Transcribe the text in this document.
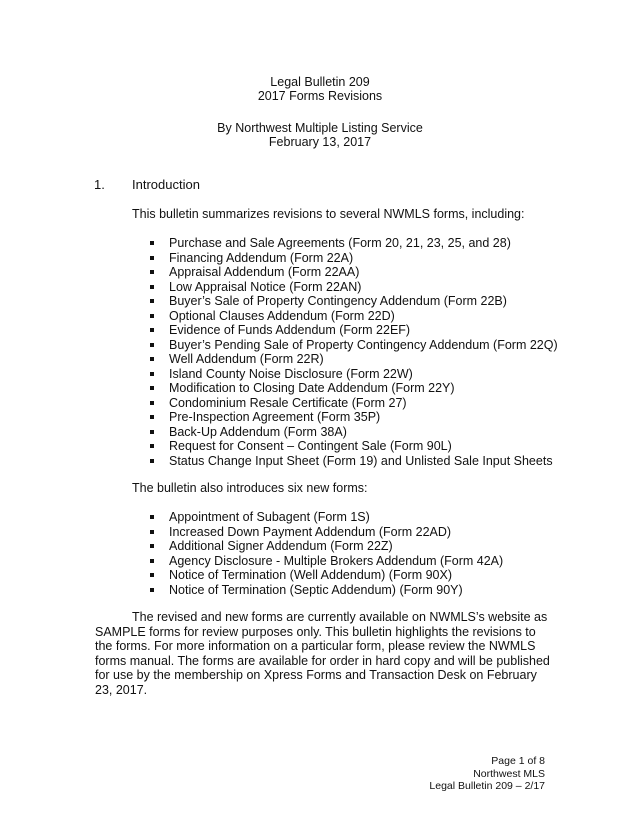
Legal Bulletin 209
2017 Forms Revisions
By Northwest Multiple Listing Service
February 13, 2017
1. Introduction
This bulletin summarizes revisions to several NWMLS forms, including:
Purchase and Sale Agreements (Form 20, 21, 23, 25, and 28)
Financing Addendum (Form 22A)
Appraisal Addendum (Form 22AA)
Low Appraisal Notice (Form 22AN)
Buyer’s Sale of Property Contingency Addendum (Form 22B)
Optional Clauses Addendum (Form 22D)
Evidence of Funds Addendum (Form 22EF)
Buyer’s Pending Sale of Property Contingency Addendum (Form 22Q)
Well Addendum (Form 22R)
Island County Noise Disclosure (Form 22W)
Modification to Closing Date Addendum (Form 22Y)
Condominium Resale Certificate (Form 27)
Pre-Inspection Agreement (Form 35P)
Back-Up Addendum (Form 38A)
Request for Consent – Contingent Sale (Form 90L)
Status Change Input Sheet (Form 19) and Unlisted Sale Input Sheets
The bulletin also introduces six new forms:
Appointment of Subagent (Form 1S)
Increased Down Payment Addendum (Form 22AD)
Additional Signer Addendum (Form 22Z)
Agency Disclosure - Multiple Brokers Addendum (Form 42A)
Notice of Termination (Well Addendum) (Form 90X)
Notice of Termination (Septic Addendum) (Form 90Y)
The revised and new forms are currently available on NWMLS’s website as SAMPLE forms for review purposes only. This bulletin highlights the revisions to the forms. For more information on a particular form, please review the NWMLS forms manual. The forms are available for order in hard copy and will be published for use by the membership on Xpress Forms and Transaction Desk on February 23, 2017.
Page 1 of 8
Northwest MLS
Legal Bulletin 209 – 2/17
